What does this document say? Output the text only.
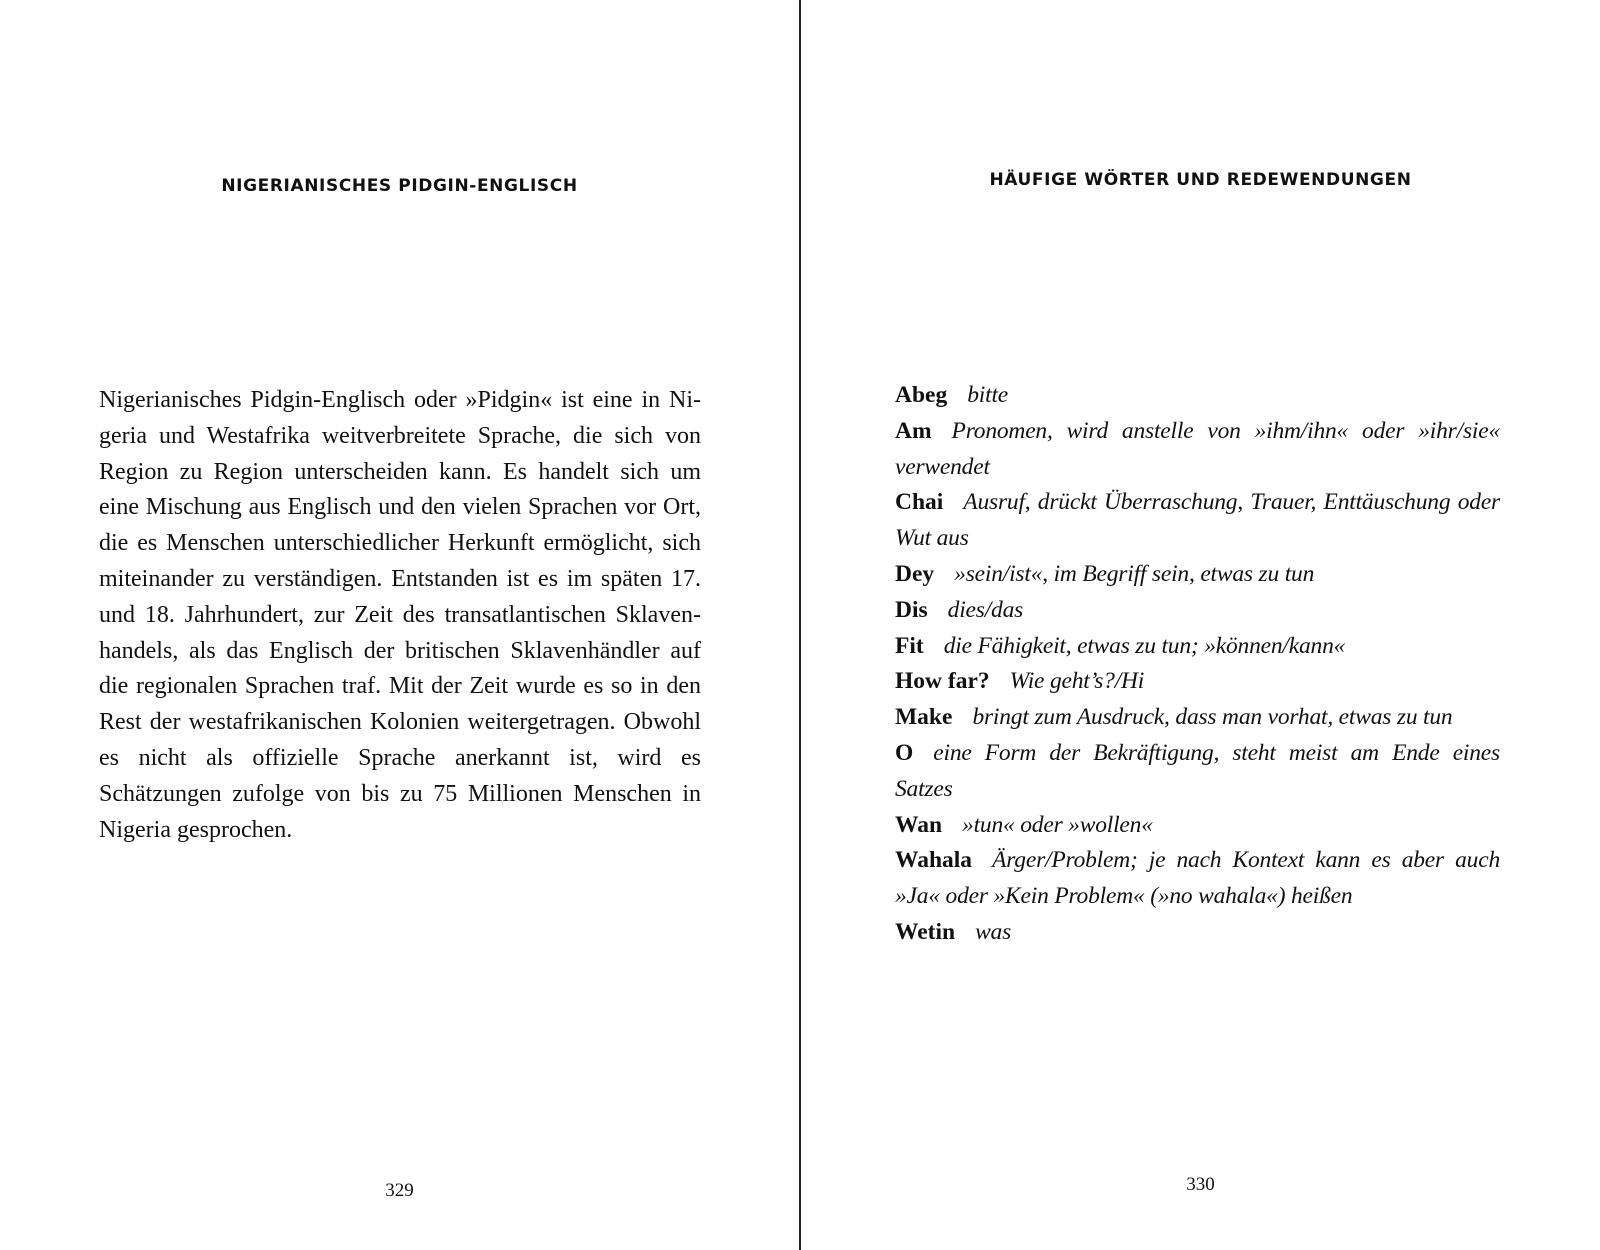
NIGERIANISCHES PIDGIN-ENGLISCH

Nigerianisches Pidgin-Englisch oder »Pidgin« ist eine in Nigeria und Westafrika weitverbreitete Sprache, die sich von Region zu Region unterscheiden kann. Es handelt sich um eine Mischung aus Englisch und den vielen Sprachen vor Ort, die es Menschen unterschiedlicher Herkunft ermöglicht, sich miteinander zu verständigen. Entstanden ist es im späten 17. und 18. Jahrhundert, zur Zeit des transatlantischen Sklavenhandels, als das Englisch der britischen Sklavenhändler auf die regionalen Sprachen traf. Mit der Zeit wurde es so in den Rest der westafrikanischen Kolonien weitergetragen. Obwohl es nicht als offizielle Sprache anerkannt ist, wird es Schätzungen zufolge von bis zu 75 Millionen Menschen in Nigeria gesprochen.

329
HÄUFIGE WÖRTER UND REDEWENDUNGEN
330

Abeg bitte

Am Pronomen, wird anstelle von »ihm/ihn« oder »ihr/sie« verwendet

Chai Ausruf, drückt Überraschung, Trauer, Enttäuschung oder Wut aus

Dey »sein/ist«, im Begriff sein, etwas zu tun

Dis dies/das

Fit die Fähigkeit, etwas zu tun; »können/kann«

How far? Wie geht’s?/Hi

Make bringt zum Ausdruck, dass man vorhat, etwas zu tun

O eine Form der Bekräftigung, steht meist am Ende eines Satzes

Wan »tun« oder »wollen«

Wahala Ärger/Problem; je nach Kontext kann es aber auch »Ja« oder »Kein Problem« (»no wahala«) heißen

Wetin was
